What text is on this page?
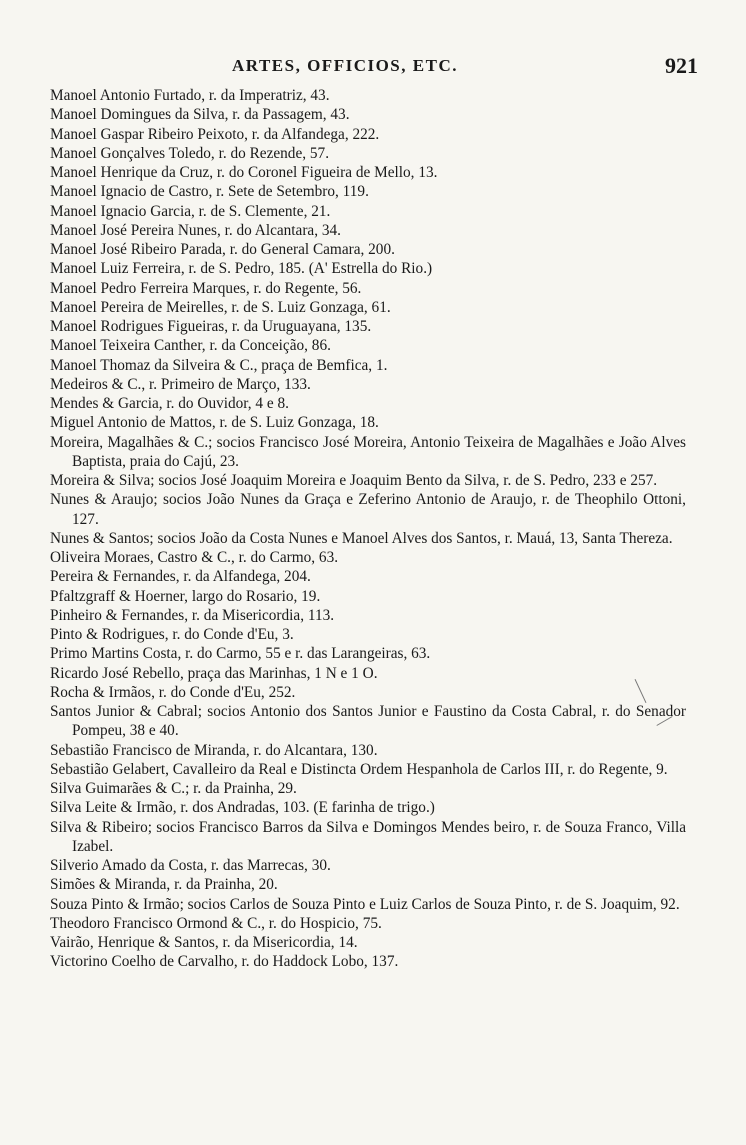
ARTES, OFFICIOS, ETC.	921
Manoel Antonio Furtado, r. da Imperatriz, 43.
Manoel Domingues da Silva, r. da Passagem, 43.
Manoel Gaspar Ribeiro Peixoto, r. da Alfandega, 222.
Manoel Gonçalves Toledo, r. do Rezende, 57.
Manoel Henrique da Cruz, r. do Coronel Figueira de Mello, 13.
Manoel Ignacio de Castro, r. Sete de Setembro, 119.
Manoel Ignacio Garcia, r. de S. Clemente, 21.
Manoel José Pereira Nunes, r. do Alcantara, 34.
Manoel José Ribeiro Parada, r. do General Camara, 200.
Manoel Luiz Ferreira, r. de S. Pedro, 185. (A' Estrella do Rio.)
Manoel Pedro Ferreira Marques, r. do Regente, 56.
Manoel Pereira de Meirelles, r. de S. Luiz Gonzaga, 61.
Manoel Rodrigues Figueiras, r. da Uruguayana, 135.
Manoel Teixeira Canther, r. da Conceição, 86.
Manoel Thomaz da Silveira & C., praça de Bemfica, 1.
Medeiros & C., r. Primeiro de Março, 133.
Mendes & Garcia, r. do Ouvidor, 4 e 8.
Miguel Antonio de Mattos, r. de S. Luiz Gonzaga, 18.
Moreira, Magalhães & C.; socios Francisco José Moreira, Antonio Teixeira de Magalhães e João Alves Baptista, praia do Cajú, 23.
Moreira & Silva; socios José Joaquim Moreira e Joaquim Bento da Silva, r. de S. Pedro, 233 e 257.
Nunes & Araujo; socios João Nunes da Graça e Zeferino Antonio de Araujo, r. de Theophilo Ottoni, 127.
Nunes & Santos; socios João da Costa Nunes e Manoel Alves dos Santos, r. Mauá, 13, Santa Thereza.
Oliveira Moraes, Castro & C., r. do Carmo, 63.
Pereira & Fernandes, r. da Alfandega, 204.
Pfaltzgraff & Hoerner, largo do Rosario, 19.
Pinheiro & Fernandes, r. da Misericordia, 113.
Pinto & Rodrigues, r. do Conde d'Eu, 3.
Primo Martins Costa, r. do Carmo, 55 e r. das Larangeiras, 63.
Ricardo José Rebello, praça das Marinhas, 1 N e 1 O.
Rocha & Irmãos, r. do Conde d'Eu, 252.
Santos Junior & Cabral; socios Antonio dos Santos Junior e Faustino da Costa Cabral, r. do Senador Pompeu, 38 e 40.
Sebastião Francisco de Miranda, r. do Alcantara, 130.
Sebastião Gelabert, Cavalleiro da Real e Distincta Ordem Hespanhola de Carlos III, r. do Regente, 9.
Silva Guimarães & C.; r. da Prainha, 29.
Silva Leite & Irmão, r. dos Andradas, 103. (E farinha de trigo.)
Silva & Ribeiro; socios Francisco Barros da Silva e Domingos Mendes beiro, r. de Souza Franco, Villa Izabel.
Silverio Amado da Costa, r. das Marrecas, 30.
Simões & Miranda, r. da Prainha, 20.
Souza Pinto & Irmão; socios Carlos de Souza Pinto e Luiz Carlos de Souza Pinto, r. de S. Joaquim, 92.
Theodoro Francisco Ormond & C., r. do Hospicio, 75.
Vairão, Henrique & Santos, r. da Misericordia, 14.
Victorino Coelho de Carvalho, r. do Haddock Lobo, 137.
